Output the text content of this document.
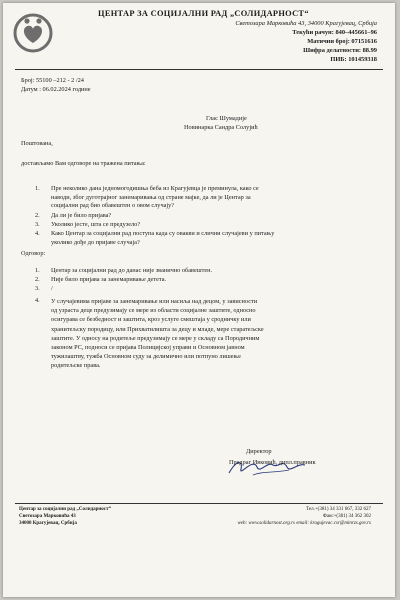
ЦЕНТАР ЗА СОЦИЈАЛНИ РАД „СОЛИДАРНОСТ“
Светозара Марковића 43, 34000 Крагујевац, Србија
Текући рачун: 840–445661–96
Матични број: 07151616
Шифра делатности: 88.99
ПИБ: 101459318
Број: 55100 –212 - 2 /24
Датум : 06.02.2024 године
Глас Шумадије
Новинарка Сандра Солујић
Поштована,
достављамо Вам одговоре на тражена питања:
1. Пре неколико дана једномогодишња беба из Крагујевца је преминула, како се
наводи, због дуготрајног занемаривања од стране мајке, да ли је Центар за
социјални рад био обавештен о овом случају?
2. Да ли је било пријава?
3. Уколико јесте, шта се предузело?
4. Како Центар за социјални рад поступа када су овакви и слични случајеви у питању
уколико дође до пријаве случаја?
Одговор:
1. Центар за социјални рад до данас није званично обавештен.
2. Није било пријава за занемаривање детета.
3. /
4. У случајевима пријаве за занемаривање или насиља над децом, у зависности
од узраста деце предузимају се мере из области социјалне заштите, односно
осигурава се безбедност и заштита, кроз услуге смештаја у сродничку или
хранитељску породицу, или Прихватилишта за децу и младе, мере старатељске
заштите. У односу на родитеље предузимају се мере у складу са Породичним
законом РС, подноси се пријава Полицијској управи и Основном јавном
тужилаштву, тужба Основном суду за делимично или потпуно лишење
родитељске права.
Директор
Предраг Ивковић, дипл.правник
Центар за социјални рад „Солидарност“
Светозара Марковића 43
34000 Крагујевац, Србија
Тел.+(381) 34 331 667, 332 627
Факс+(381) 34 362 302
web: www.solidarnost.org.rs email: kragujevac.csr@minrzs.gov.rs
